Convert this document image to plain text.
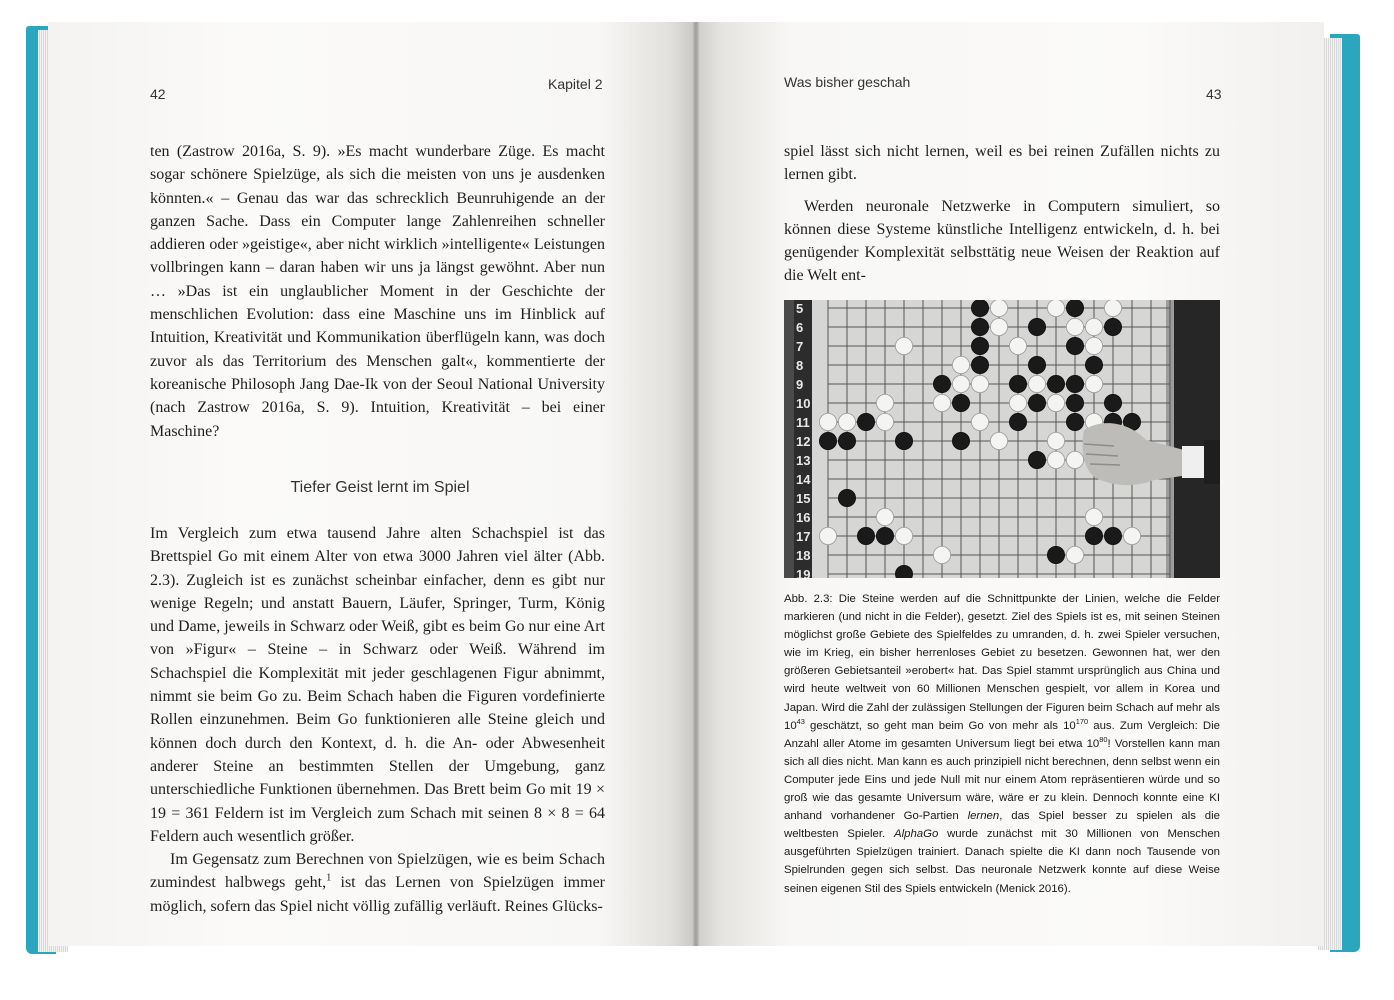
42
Kapitel 2

ten (Zastrow 2016a, S. 9). »Es macht wunderbare Züge. Es macht sogar schönere Spielzüge, als sich die meisten von uns je ausdenken könnten.« – Genau das war das schrecklich Beunruhigende an der ganzen Sache. Dass ein Computer lange Zahlenreihen schneller addieren oder »geistige«, aber nicht wirklich »intelligente« Leistungen vollbringen kann – daran haben wir uns ja längst gewöhnt. Aber nun … »Das ist ein unglaublicher Moment in der Geschichte der menschlichen Evolution: dass eine Maschine uns im Hinblick auf Intuition, Kreativität und Kommunikation überflügeln kann, was doch zuvor als das Territorium des Menschen galt«, kommentierte der koreanische Philosoph Jang Dae-Ik von der Seoul National University (nach Zastrow 2016a, S. 9). Intuition, Kreativität – bei einer Maschine?

Tiefer Geist lernt im Spiel

Im Vergleich zum etwa tausend Jahre alten Schachspiel ist das Brettspiel Go mit einem Alter von etwa 3000 Jahren viel älter (Abb. 2.3). Zugleich ist es zunächst scheinbar einfacher, denn es gibt nur wenige Regeln; und anstatt Bauern, Läufer, Springer, Turm, König und Dame, jeweils in Schwarz oder Weiß, gibt es beim Go nur eine Art von »Figur« – Steine – in Schwarz oder Weiß. Während im Schachspiel die Komplexität mit jeder geschlagenen Figur abnimmt, nimmt sie beim Go zu. Beim Schach haben die Figuren vordefinierte Rollen einzunehmen. Beim Go funktionieren alle Steine gleich und können doch durch den Kontext, d. h. die An- oder Abwesenheit anderer Steine an bestimmten Stellen der Umgebung, ganz unterschiedliche Funktionen übernehmen. Das Brett beim Go mit 19 × 19 = 361 Feldern ist im Vergleich zum Schach mit seinen 8 × 8 = 64 Feldern auch wesentlich größer.

Im Gegensatz zum Berechnen von Spielzügen, wie es beim Schach zumindest halbwegs geht,$^1$ ist das Lernen von Spielzügen immer möglich, sofern das Spiel nicht völlig zufällig verläuft. Reines Glücks-

Was bisher geschah
43

spiel lässt sich nicht lernen, weil es bei reinen Zufällen nichts zu lernen gibt.

Werden neuronale Netzwerke in Computern simuliert, so können diese Systeme künstliche Intelligenz entwickeln, d. h. bei genügender Komplexität selbsttätig neue Weisen der Reaktion auf die Welt ent-

5
6
7
8
9
10
11
12
13
14
15
16
17
18
19

Abb. 2.3: Die Steine werden auf die Schnittpunkte der Linien, welche die Felder markieren (und nicht in die Felder), gesetzt. Ziel des Spiels ist es, mit seinen Steinen möglichst große Gebiete des Spielfeldes zu umranden, d. h. zwei Spieler versuchen, wie im Krieg, ein bisher herrenloses Gebiet zu besetzen. Gewonnen hat, wer den größeren Gebietsanteil »erobert« hat. Das Spiel stammt ursprünglich aus China und wird heute weltweit von 60 Millionen Menschen gespielt, vor allem in Korea und Japan. Wird die Zahl der zulässigen Stellungen der Figuren beim Schach auf mehr als $10^{43}$ geschätzt, so geht man beim Go von mehr als $10^{170}$ aus. Zum Vergleich: Die Anzahl aller Atome im gesamten Universum liegt bei etwa $10^{80}$! Vorstellen kann man sich all dies nicht. Man kann es auch prinzipiell nicht berechnen, denn selbst wenn ein Computer jede Eins und jede Null mit nur einem Atom repräsentieren würde und so groß wie das gesamte Universum wäre, wäre er zu klein. Dennoch konnte eine KI anhand vorhandener Go-Partien lernen, das Spiel besser zu spielen als die weltbesten Spieler. AlphaGo wurde zunächst mit 30 Millionen von Menschen ausgeführten Spielzügen trainiert. Danach spielte die KI dann noch Tausende von Spielrunden gegen sich selbst. Das neuronale Netzwerk konnte auf diese Weise seinen eigenen Stil des Spiels entwickeln (Menick 2016).
